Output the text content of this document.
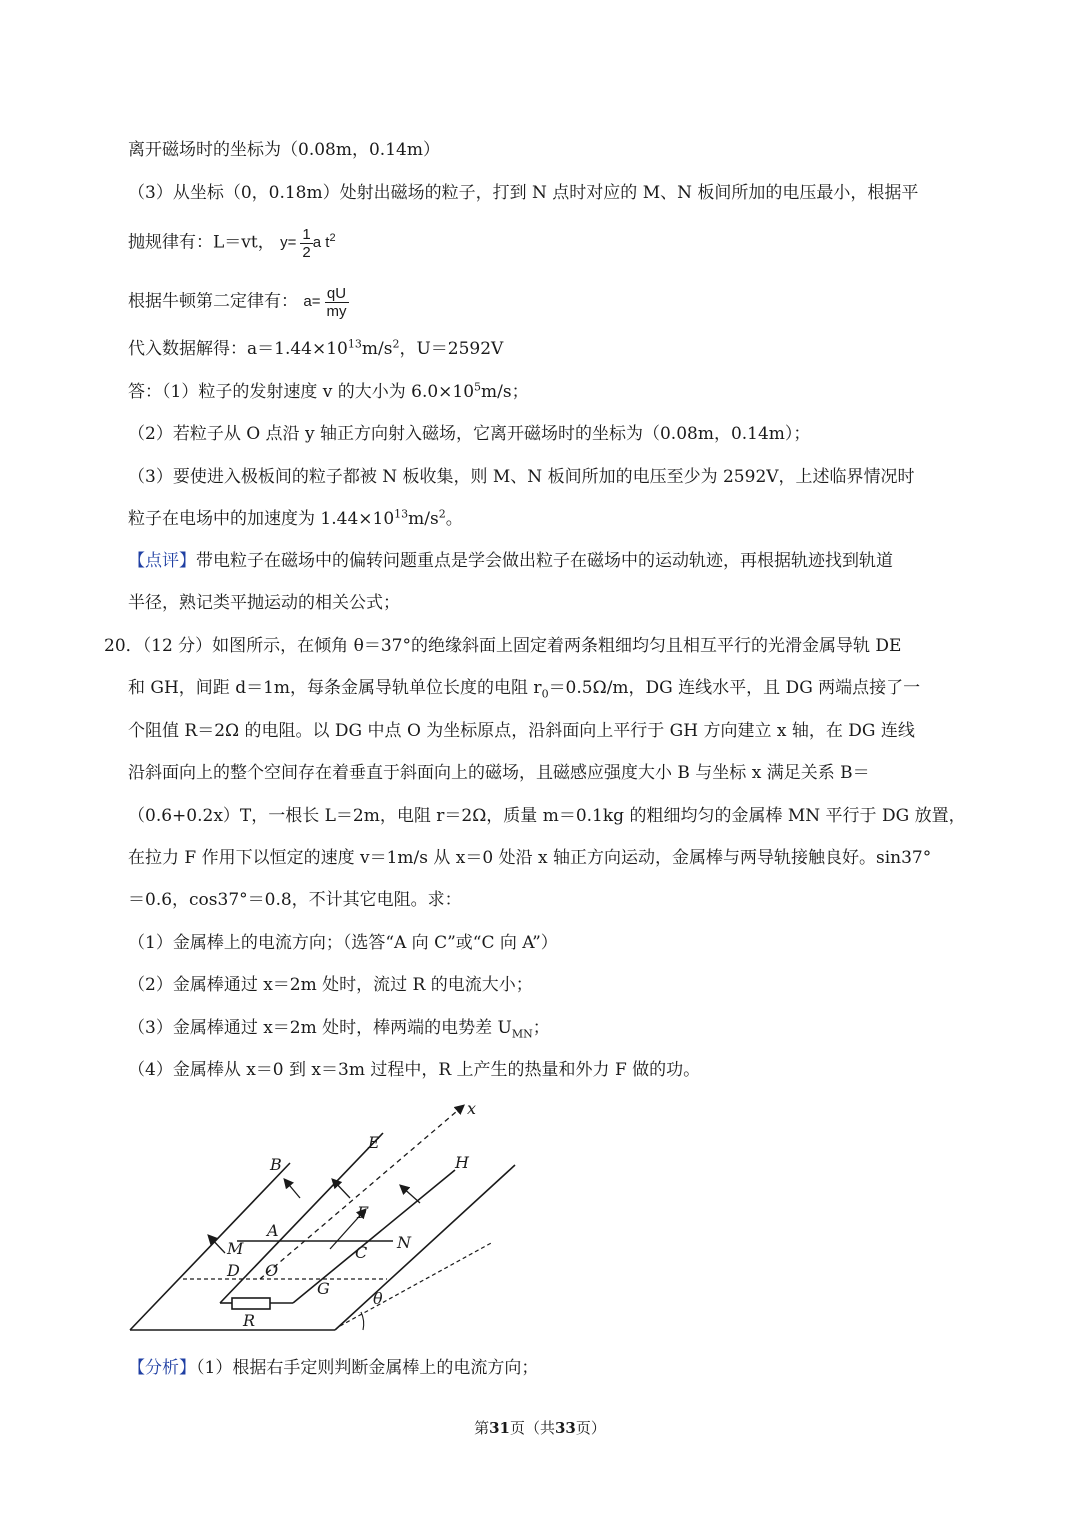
离开磁场时的坐标为（0.08m，0.14m）
（3）从坐标（0，0.18m）处射出磁场的粒子，打到 N 点时对应的 M、N 板间所加的电压最小，根据平
抛规律有：L＝vt， $y= \frac{1}{2}$ a $t^2$
根据牛顿第二定律有： $a= \frac{qU}{my}$
代入数据解得：$a=1.44\times 10^{13}m/s^2$，U＝2592V
答：（1）粒子的发射速度 v 的大小为 $6.0\times 10^5m/s$；
（2）若粒子从 O 点沿 y 轴正方向射入磁场，它离开磁场时的坐标为（0.08m，0.14m）；
（3）要使进入极板间的粒子都被 N 板收集，则 M、N 板间所加的电压至少为 2592V，上述临界情况时
粒子在电场中的加速度为 $1.44\times 10^{13}m/s^2$。
【点评】带电粒子在磁场中的偏转问题重点是学会做出粒子在磁场中的运动轨迹，再根据轨迹找到轨道
半径，熟记类平抛运动的相关公式；
20．（12 分）如图所示，在倾角 θ＝37°的绝缘斜面上固定着两条粗细均匀且相互平行的光滑金属导轨 DE
和 GH，间距 d＝1m，每条金属导轨单位长度的电阻 $r_0=0.5\Omega/m$，DG 连线水平，且 DG 两端点接了一
个阻值 R＝2Ω 的电阻。以 DG 中点 O 为坐标原点，沿斜面向上平行于 GH 方向建立 x 轴，在 DG 连线
沿斜面向上的整个空间存在着垂直于斜面向上的磁场，且磁感应强度大小 B 与坐标 x 满足关系 B＝
（0.6+0.2x）T，一根长 L＝2m，电阻 r＝2Ω，质量 m＝0.1kg 的粗细均匀的金属棒 MN 平行于 DG 放置，
在拉力 F 作用下以恒定的速度 v＝1m/s 从 x＝0 处沿 x 轴正方向运动，金属棒与两导轨接触良好。sin37°
＝0.6，cos37°＝0.8，不计其它电阻。求：
（1）金属棒上的电流方向；（选答“A 向 C”或“C 向 A”）
（2）金属棒通过 x＝2m 处时，流过 R 的电流大小；
（3）金属棒通过 x＝2m 处时，棒两端的电势差 $U_{MN}$；
（4）金属棒从 x＝0 到 x＝3m 过程中，R 上产生的热量和外力 F 做的功。
x
E
B	H
F
A
M	N
C
D O
G
θ
R
【分析】（1）根据右手定则判断金属棒上的电流方向；
第31页（共33页）
